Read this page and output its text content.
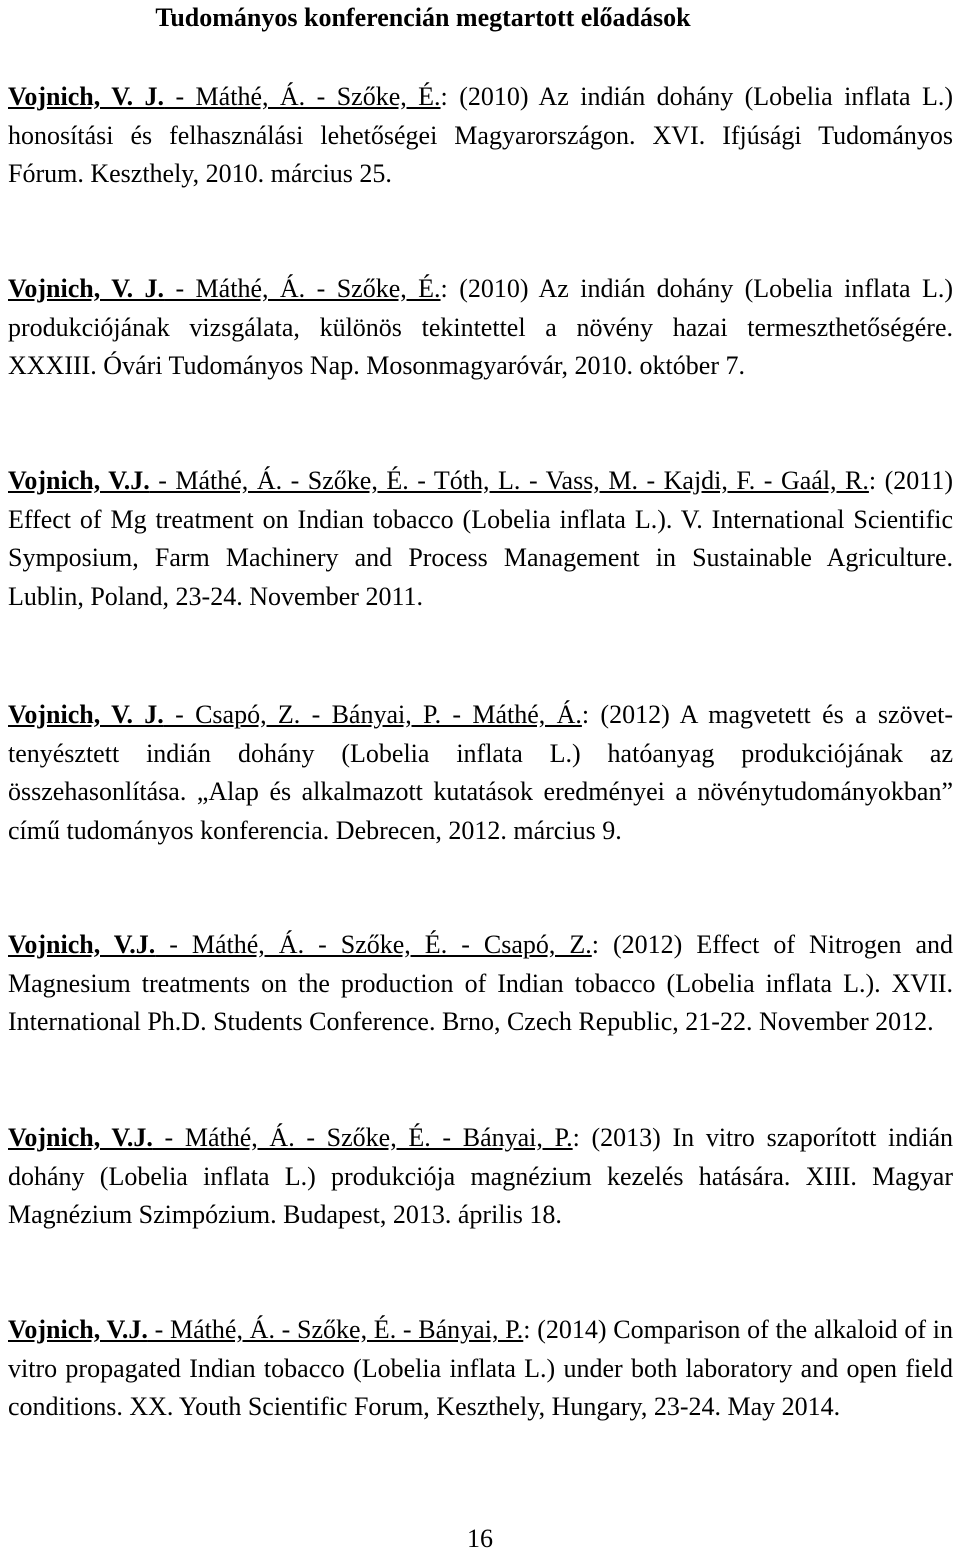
Tudományos konferencián megtartott előadások

Vojnich, V. J. - Máthé, Á. - Szőke, É.: (2010) Az indián dohány (Lobelia inflata L.) honosítási és felhasználási lehetőségei Magyarországon. XVI. Ifjúsági Tudományos Fórum. Keszthely, 2010. március 25.

Vojnich, V. J. - Máthé, Á. - Szőke, É.: (2010) Az indián dohány (Lobelia inflata L.) produkciójának vizsgálata, különös tekintettel a növény hazai termeszthetőségére. XXXIII. Óvári Tudományos Nap. Mosonmagyaróvár, 2010. október 7.

Vojnich, V.J. - Máthé, Á. - Szőke, É. - Tóth, L. - Vass, M. - Kajdi, F. - Gaál, R.: (2011) Effect of Mg treatment on Indian tobacco (Lobelia inflata L.). V. International Scientific Symposium, Farm Machinery and Process Management in Sustainable Agriculture. Lublin, Poland, 23-24. November 2011.

Vojnich, V. J. - Csapó, Z. - Bányai, P. - Máthé, Á.: (2012) A magvetett és a szövet-tenyésztett indián dohány (Lobelia inflata L.) hatóanyag produkciójának az összehasonlítása. „Alap és alkalmazott kutatások eredményei a növénytudományokban” című tudományos konferencia. Debrecen, 2012. március 9.

Vojnich, V.J. - Máthé, Á. - Szőke, É. - Csapó, Z.: (2012) Effect of Nitrogen and Magnesium treatments on the production of Indian tobacco (Lobelia inflata L.). XVII. International Ph.D. Students Conference. Brno, Czech Republic, 21-22. November 2012.

Vojnich, V.J. - Máthé, Á. - Szőke, É. - Bányai, P.: (2013) In vitro szaporított indián dohány (Lobelia inflata L.) produkciója magnézium kezelés hatására. XIII. Magyar Magnézium Szimpózium. Budapest, 2013. április 18.

Vojnich, V.J. - Máthé, Á. - Szőke, É. - Bányai, P.: (2014) Comparison of the alkaloid of in vitro propagated Indian tobacco (Lobelia inflata L.) under both laboratory and open field conditions. XX. Youth Scientific Forum, Keszthely, Hungary, 23-24. May 2014.

16
